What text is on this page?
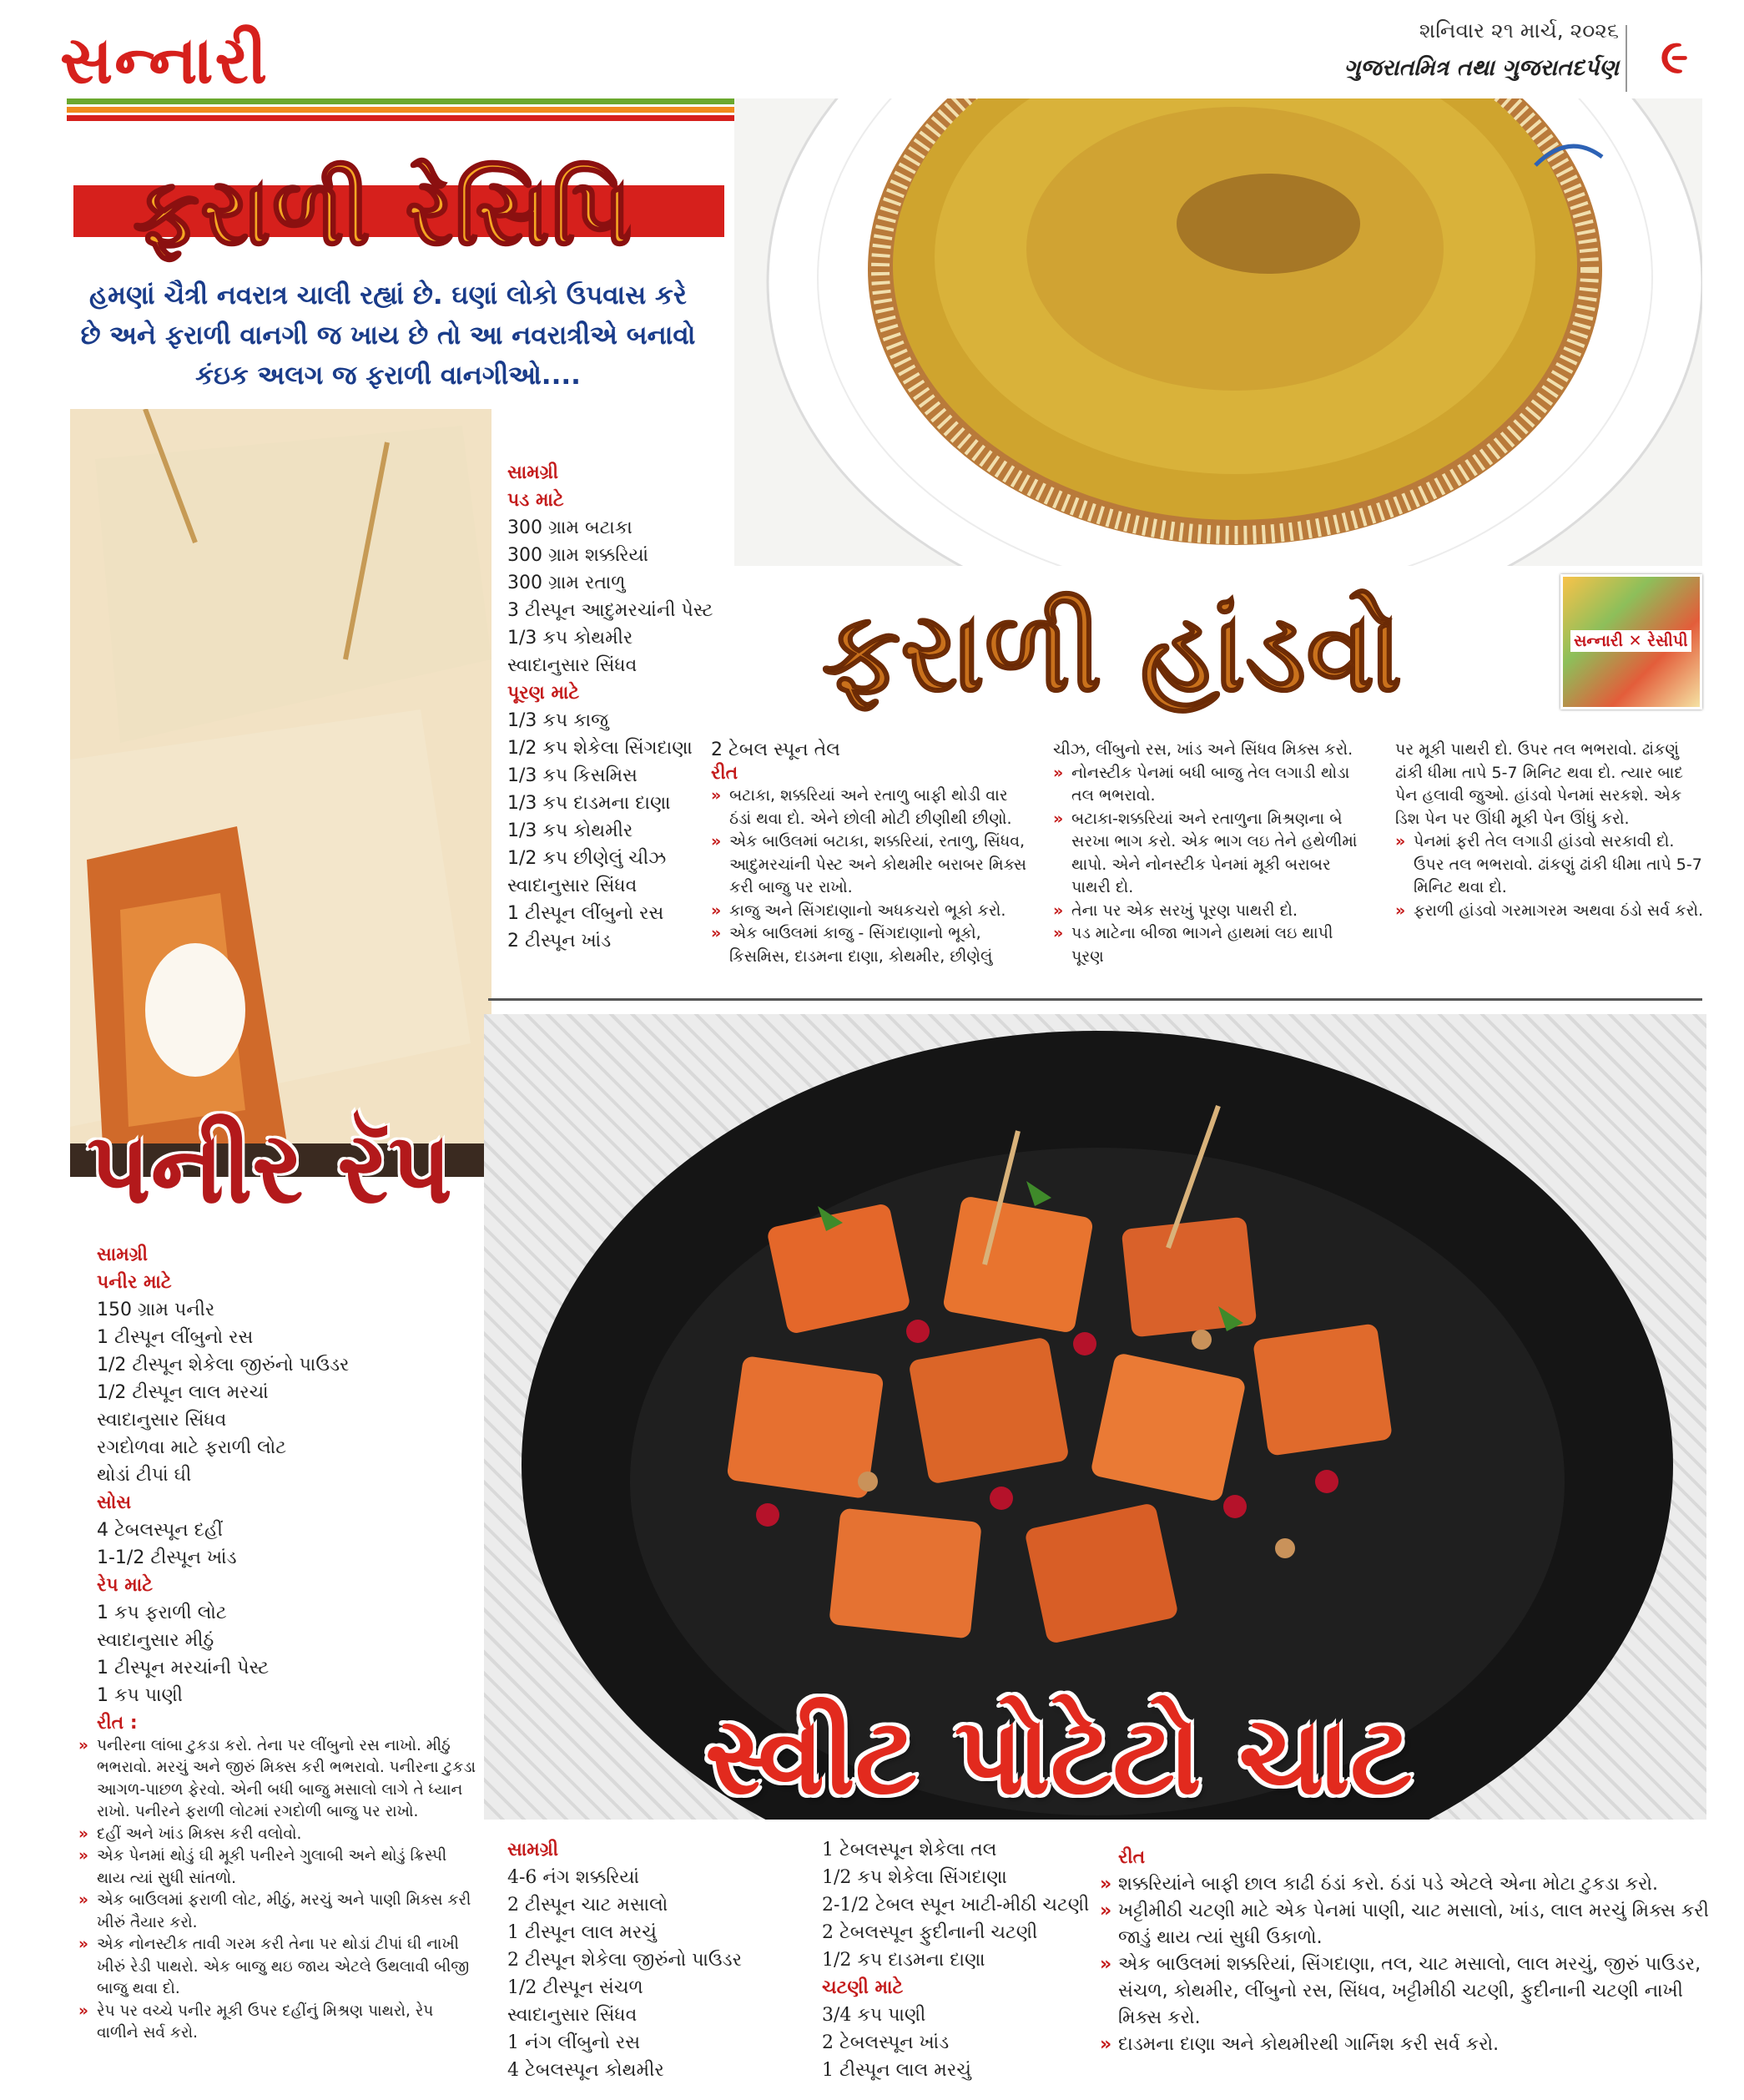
સન્નારી	શનિવાર ૨૧ માર્ચ, ૨૦૨૬
ગુજરાતમિત્ર તથા ગુજરાતદર્પણ ૯
ફરાળી રેસિપિ
હમણાં ચૈત્રી નવરાત્ર ચાલી રહ્યાં છે. ઘણાં લોકો ઉપવાસ કરે છે અને ફરાળી વાનગી જ ખાય છે તો આ નવરાત્રીએ બનાવો કંઇક અલગ જ ફરાળી વાનગીઓ....
સન્નારી ✕ રેસીપી
ફરાળી હાંડવો
સામગ્રી
પડ માટે
300 ગ્રામ બટાકા
300 ગ્રામ શક્કરિયાં
300 ગ્રામ રતાળુ
3 ટીસ્પૂન આદુમરચાંની પેસ્ટ
1/3 કપ કોથમીર
સ્વાદાનુસાર સિંધવ
પૂરણ માટે
1/3 કપ કાજુ
1/2 કપ શેકેલા સિંગદાણા
1/3 કપ કિસમિસ
1/3 કપ દાડમના દાણા
1/3 કપ કોથમીર
1/2 કપ છીણેલું ચીઝ
સ્વાદાનુસાર સિંધવ
1 ટીસ્પૂન લીંબુનો રસ
2 ટીસ્પૂન ખાંડ
2 ટેબલ સ્પૂન તેલ
રીત
» બટાકા, શક્કરિયાં અને રતાળુ બાફી થોડી વાર ઠંડાં થવા દો. એને છોલી મોટી છીણીથી છીણો.
» એક બાઉલમાં બટાકા, શક્કરિયાં, રતાળુ, સિંધવ, આદુમરચાંની પેસ્ટ અને કોથમીર બરાબર મિક્સ કરી બાજુ પર રાખો.
» કાજુ અને સિંગદાણાનો અધકચરો ભૂકો કરો.
» એક બાઉલમાં કાજુ - સિંગદાણાનો ભૂકો, કિસમિસ, દાડમના દાણા, કોથમીર, છીણેલું
ચીઝ, લીંબુનો રસ, ખાંડ અને સિંધવ મિક્સ કરો.
» નોનસ્ટીક પેનમાં બધી બાજુ તેલ લગાડી થોડા તલ ભભરાવો.
» બટાકા-શક્કરિયાં અને રતાળુના મિશ્રણના બે સરખા ભાગ કરો. એક ભાગ લઇ તેને હથેળીમાં થાપો. એને નોનસ્ટીક પેનમાં મૂકી બરાબર પાથરી દો.
» તેના પર એક સરખું પૂરણ પાથરી દો.
» પડ માટેના બીજા ભાગને હાથમાં લઇ થાપી પૂરણ
પર મૂકી પાથરી દો. ઉપર તલ ભભરાવો. ઢાંકણું ઢાંકી ધીમા તાપે 5-7 મિનિટ થવા દો. ત્યાર બાદ પેન હલાવી જુઓ. હાંડવો પેનમાં સરકશે. એક ડિશ પેન પર ઊંધી મૂકી પેન ઊંધું કરો.
» પેનમાં ફરી તેલ લગાડી હાંડવો સરકાવી દો. ઉપર તલ ભભરાવો. ઢાંકણું ઢાંકી ધીમા તાપે 5-7 મિનિટ થવા દો.
» ફરાળી હાંડવો ગરમાગરમ અથવા ઠંડો સર્વ કરો.
પનીર રૅપ
સામગ્રી
પનીર માટે
150 ગ્રામ પનીર
1 ટીસ્પૂન લીંબુનો રસ
1/2 ટીસ્પૂન શેકેલા જીરુંનો પાઉડર
1/2 ટીસ્પૂન લાલ મરચાં
સ્વાદાનુસાર સિંધવ
રગદોળવા માટે ફરાળી લોટ
થોડાં ટીપાં ઘી
સોસ
4 ટેબલસ્પૂન દહીં
1-1/2 ટીસ્પૂન ખાંડ
રેપ માટે
1 કપ ફરાળી લોટ
સ્વાદાનુસાર મીઠું
1 ટીસ્પૂન મરચાંની પેસ્ટ
1 કપ પાણી
રીત :
» પનીરના લાંબા ટુકડા કરો. તેના પર લીંબુનો રસ નાખો. મીઠું ભભરાવો. મરચું અને જીરું મિક્સ કરી ભભરાવો. પનીરના ટુકડા આગળ-પાછળ ફેરવો. એની બધી બાજુ મસાલો લાગે તે ધ્યાન રાખો. પનીરને ફરાળી લોટમાં રગદોળી બાજુ પર રાખો.
» દહીં અને ખાંડ મિક્સ કરી વલોવો.
» એક પેનમાં થોડું ઘી મૂકી પનીરને ગુલાબી અને થોડું ક્રિસ્પી થાય ત્યાં સુધી સાંતળો.
» એક બાઉલમાં ફરાળી લોટ, મીઠું, મરચું અને પાણી મિક્સ કરી ખીરું તૈયાર કરો.
» એક નોનસ્ટીક તાવી ગરમ કરી તેના પર થોડાં ટીપાં ઘી નાખી ખીરું રેડી પાથરો. એક બાજુ થઇ જાય એટલે ઉથલાવી બીજી બાજુ થવા દો.
» રેપ પર વચ્ચે પનીર મૂકી ઉપર દહીંનું મિશ્રણ પાથરો, રેપ વાળીને સર્વ કરો.
સ્વીટ પોટેટો ચાટ
સામગ્રી
4-6 નંગ શક્કરિયાં
2 ટીસ્પૂન ચાટ મસાલો
1 ટીસ્પૂન લાલ મરચું
2 ટીસ્પૂન શેકેલા જીરુંનો પાઉડર
1/2 ટીસ્પૂન સંચળ
સ્વાદાનુસાર સિંધવ
1 નંગ લીંબુનો રસ
4 ટેબલસ્પૂન કોથમીર
1 ટેબલસ્પૂન શેકેલા તલ
1/2 કપ શેકેલા સિંગદાણા
2-1/2 ટેબલ સ્પૂન ખાટી-મીઠી ચટણી
2 ટેબલસ્પૂન ફુદીનાની ચટણી
1/2 કપ દાડમના દાણા
ચટણી માટે
3/4 કપ પાણી
2 ટેબલસ્પૂન ખાંડ
1 ટીસ્પૂન લાલ મરચું
રીત
» શક્કરિયાંને બાફી છાલ કાઢી ઠંડાં કરો. ઠંડાં પડે એટલે એના મોટા ટુકડા કરો.
» ખટ્ટીમીઠી ચટણી માટે એક પેનમાં પાણી, ચાટ મસાલો, ખાંડ, લાલ મરચું મિક્સ કરી જાડું થાય ત્યાં સુધી ઉકાળો.
» એક બાઉલમાં શક્કરિયાં, સિંગદાણા, તલ, ચાટ મસાલો, લાલ મરચું, જીરું પાઉડર, સંચળ, કોથમીર, લીંબુનો રસ, સિંધવ, ખટ્ટીમીઠી ચટણી, ફુદીનાની ચટણી નાખી મિક્સ કરો.
» દાડમના દાણા અને કોથમીરથી ગાર્નિશ કરી સર્વ કરો.
